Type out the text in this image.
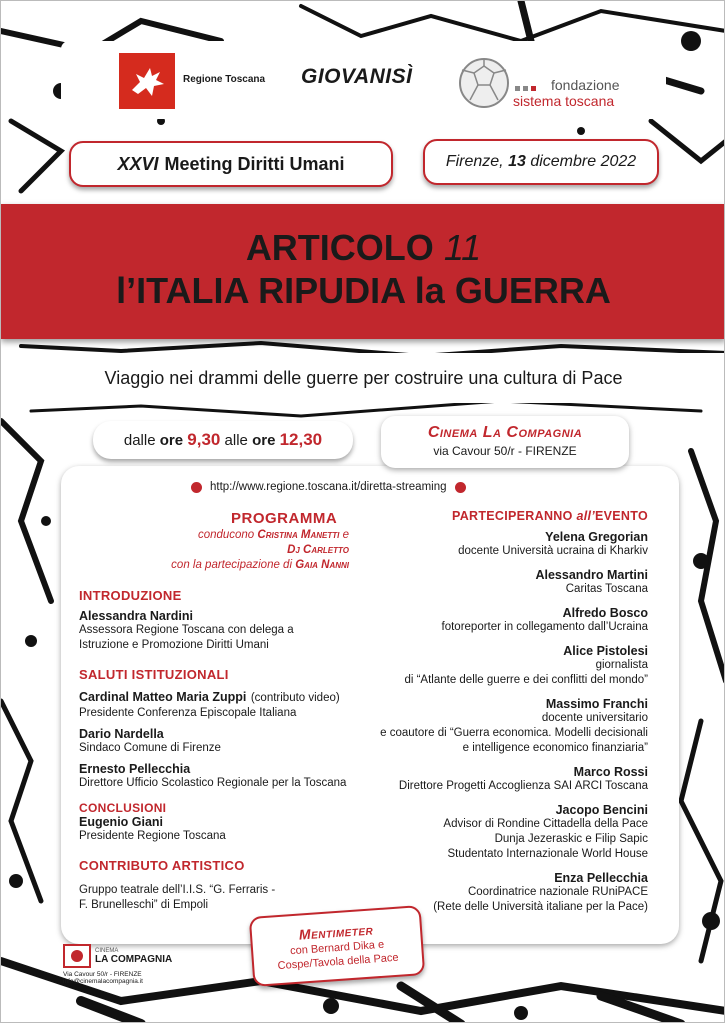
Regione Toscana GIOVANISÌ	fondazione
sistema toscana
XXVI Meeting Diritti Umani	Firenze,
13
dicembre 2022
ARTICOLO 11
l’ITALIA RIPUDIA la GUERRA
Viaggio nei drammi delle guerre per costruire una cultura di Pace
dalle
ore
9,30
alle
ore
12,30	Cinema La Compagnia
via Cavour 50/r - FIRENZE
http://www.regione.toscana.it/diretta-streaming
PROGRAMMA
conducono Cristina Manetti e
Dj Carletto
con la partecipazione di Gaia Nanni
INTRODUZIONE
Alessandra Nardini
Assessora Regione Toscana con delega a
Istruzione e Promozione Diritti Umani
SALUTI ISTITUZIONALI
Cardinal Matteo Maria Zuppi (contributo video)
Presidente Conferenza Episcopale Italiana
Dario Nardella
Sindaco Comune di Firenze
Ernesto Pellecchia
Direttore Ufficio Scolastico Regionale per la Toscana
CONCLUSIONI
Eugenio Giani
Presidente Regione Toscana
CONTRIBUTO ARTISTICO
Gruppo teatrale dell’I.I.S. “G. Ferraris -
F. Brunelleschi” di Empoli
PARTECIPERANNO all’EVENTO
Yelena Gregorian
docente Università ucraina di Kharkiv
Alessandro Martini
Caritas Toscana
Alfredo Bosco
fotoreporter in collegamento dall’Ucraina
Alice Pistolesi
giornalista
di “Atlante delle guerre e dei conflitti del mondo”
Massimo Franchi
docente universitario
e coautore di “Guerra economica. Modelli decisionali
e intelligence economico finanziaria”
Marco Rossi
Direttore Progetti Accoglienza SAI ARCI Toscana
Jacopo Bencini
Advisor di Rondine Cittadella della Pace
Dunja Jezeraskic e Filip Sapic
Studentato Internazionale World House
Enza Pellecchia
Coordinatrice nazionale RUniPACE
(Rete delle Università italiane per la Pace)
Mentimeter
con Bernard Dika e
Cospe/Tavola della Pace
CINEMA
LA COMPAGNIA
Via Cavour 50/r - FIRENZE
info@cinemalacompagnia.it
